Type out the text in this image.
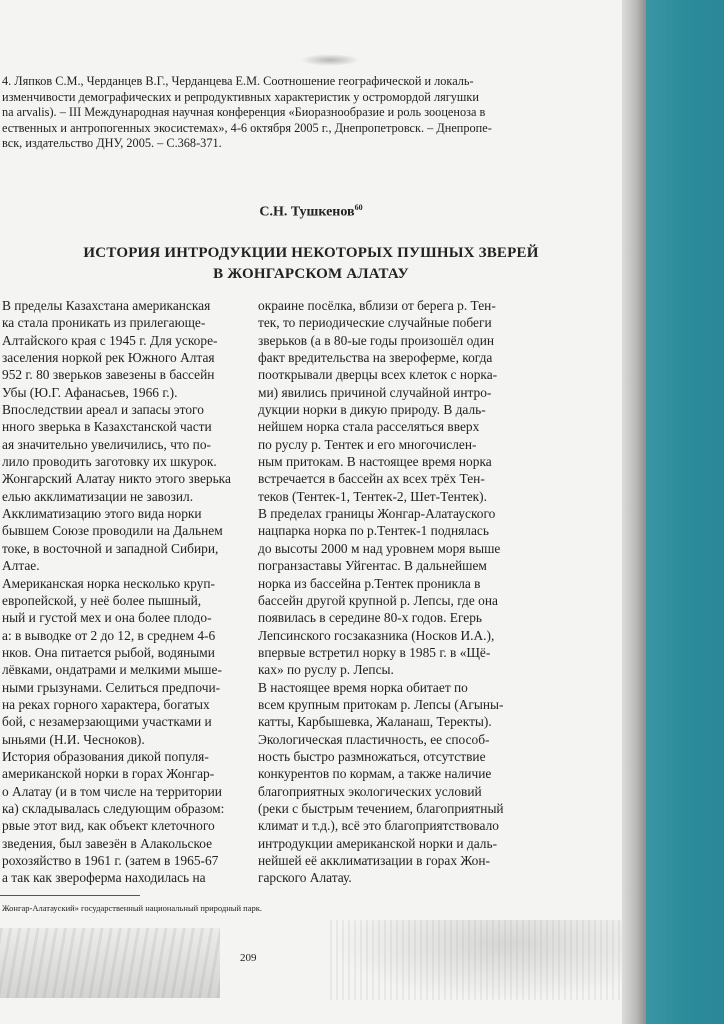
4. Ляпков С.М., Черданцев В.Г., Черданцева Е.М. Соотношение географической и локаль-
изменчивости демографических и репродуктивных характеристик у остромордой лягушки
na arvalis). – III Международная научная конференция «Биоразнообразие и роль зооценоза в
ественных и антропогенных экосистемах», 4-6 октября 2005 г., Днепропетровск. – Днепропе-
вск, издательство ДНУ, 2005. – С.368-371.
С.Н. Тушкенов$^{60}$
ИСТОРИЯ ИНТРОДУКЦИИ НЕКОТОРЫХ ПУШНЫХ ЗВЕРЕЙ
В ЖОНГАРСКОМ АЛАТАУ
В пределы Казахстана американская
ка стала проникать из прилегающе-
Алтайского края с 1945 г. Для ускоре-
заселения норкой рек Южного Алтая
952 г. 80 зверьков завезены в бассейн
Убы (Ю.Г. Афанасьев, 1966 г.).
Впоследствии ареал и запасы этого
нного зверька в Казахстанской части
ая значительно увеличились, что по-
лило проводить заготовку их шкурок.
Жонгарский Алатау никто этого зверька
елью акклиматизации не завозил.
Акклиматизацию этого вида норки
бывшем Союзе проводили на Дальнем
токе, в восточной и западной Сибири,
Алтае.
Американская норка несколько круп-
европейской, у неё более пышный,
ный и густой мех и она более плодо-
а: в выводке от 2 до 12, в среднем 4-6
нков. Она питается рыбой, водяными
лёвками, ондатрами и мелкими мыше-
ными грызунами. Селиться предпочи-
на реках горного характера, богатых
бой, с незамерзающими участками и
ыньями (Н.И. Чесноков).
История образования дикой популя-
американской норки в горах Жонгар-
о Алатау (и в том числе на территории
ка) складывалась следующим образом:
рвые этот вид, как объект клеточного
зведения, был завезён в Алакольское
рохозяйство в 1961 г. (затем в 1965-67
а так как звероферма находилась на
окраине посёлка, вблизи от берега р. Тен-
тек, то периодические случайные побеги
зверьков (а в 80-ые годы произошёл один
факт вредительства на звероферме, когда
пооткрывали дверцы всех клеток с норка-
ми) явились причиной случайной интро-
дукции норки в дикую природу. В даль-
нейшем норка стала расселяться вверх
по руслу р. Тентек и его многочислен-
ным притокам. В настоящее время норка
встречается в бассейн ах всех трёх Тен-
теков (Тентек-1, Тентек-2, Шет-Тентек).
В пределах границы Жонгар-Алатауского
нацпарка норка по р.Тентек-1 поднялась
до высоты 2000 м над уровнем моря выше
погранзаставы Уйгентас. В дальнейшем
норка из бассейна р.Тентек проникла в
бассейн другой крупной р. Лепсы, где она
появилась в середине 80-х годов. Егерь
Лепсинского госзаказника (Носков И.А.),
впервые встретил норку в 1985 г. в «Щё-
ках» по руслу р. Лепсы.
В настоящее время норка обитает по
всем крупным притокам р. Лепсы (Агыны-
катты, Карбышевка, Жаланаш, Теректы).
Экологическая пластичность, ее способ-
ность быстро размножаться, отсутствие
конкурентов по кормам, а также наличие
благоприятных экологических условий
(реки с быстрым течением, благоприятный
климат и т.д.), всё это благоприятствовало
интродукции американской норки и даль-
нейшей её акклиматизации в горах Жон-
гарского Алатау.
Жонгар-Алатауский» государственный национальный природный парк.
209
